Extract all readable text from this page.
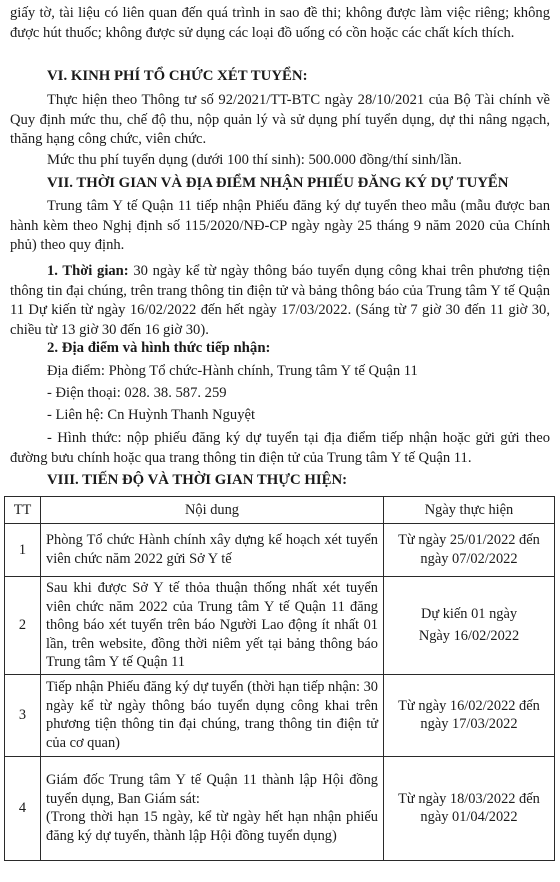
giấy tờ, tài liệu có liên quan đến quá trình in sao đề thi; không được làm việc riêng; không được hút thuốc; không được sử dụng các loại đồ uống có cồn hoặc các chất kích thích.

VI. KINH PHÍ TỔ CHỨC XÉT TUYỂN:

Thực hiện theo Thông tư số 92/2021/TT-BTC ngày 28/10/2021 của Bộ Tài chính về Quy định mức thu, chế độ thu, nộp quản lý và sử dụng phí tuyển dụng, dự thi nâng ngạch, thăng hạng công chức, viên chức.

Mức thu phí tuyển dụng (dưới 100 thí sinh): 500.000 đồng/thí sinh/lần.

VII. THỜI GIAN VÀ ĐỊA ĐIỂM NHẬN PHIẾU ĐĂNG KÝ DỰ TUYỂN

Trung tâm Y tế Quận 11 tiếp nhận Phiếu đăng ký dự tuyển theo mẫu (mẫu được ban hành kèm theo Nghị định số 115/2020/NĐ-CP ngày ngày 25 tháng 9 năm 2020 của Chính phủ) theo quy định.

1. Thời gian: 30 ngày kể từ ngày thông báo tuyển dụng công khai trên phương tiện thông tin đại chúng, trên trang thông tin điện tử và bảng thông báo của Trung tâm Y tế Quận 11 Dự kiến từ ngày 16/02/2022 đến hết ngày 17/03/2022. (Sáng từ 7 giờ 30 đến 11 giờ 30, chiều từ 13 giờ 30 đến 16 giờ 30).

2. Địa điểm và hình thức tiếp nhận:

Địa điểm: Phòng Tổ chức-Hành chính, Trung tâm Y tế Quận 11

- Điện thoại: 028. 38. 587. 259

- Liên hệ: Cn Huỳnh Thanh Nguyệt

- Hình thức: nộp phiếu đăng ký dự tuyển tại địa điểm tiếp nhận hoặc gửi gửi theo đường bưu chính hoặc qua trang thông tin điện tử của Trung tâm Y tế Quận 11.

VIII. TIẾN ĐỘ VÀ THỜI GIAN THỰC HIỆN:

TT	Nội dung	Ngày thực hiện
1	Phòng Tổ chức Hành chính xây dựng kế hoạch xét tuyển viên chức năm 2022 gửi Sở Y tế	Từ ngày 25/01/2022 đến ngày 07/02/2022

2	Sau khi được Sở Y tế thỏa thuận thống nhất xét tuyển viên chức năm 2022 của Trung tâm Y tế Quận 11 đăng thông báo xét tuyển trên báo Người Lao động ít nhất 01 lần, trên website, đồng thời niêm yết tại bảng thông báo Trung tâm Y tế Quận 11	Dự kiến 01 ngày
Ngày 16/02/2022

3	Tiếp nhận Phiếu đăng ký dự tuyển (thời hạn tiếp nhận: 30 ngày kể từ ngày thông báo tuyển dụng công khai trên phương tiện thông tin đại chúng, trang thông tin điện tử của cơ quan)	Từ ngày 16/02/2022 đến ngày 17/03/2022

4	Giám đốc Trung tâm Y tế Quận 11 thành lập Hội đồng tuyển dụng, Ban Giám sát:
(Trong thời hạn 15 ngày, kể từ ngày hết hạn nhận phiếu đăng ký dự tuyển, thành lập Hội đồng tuyển dụng)	Từ ngày 18/03/2022 đến ngày 01/04/2022
